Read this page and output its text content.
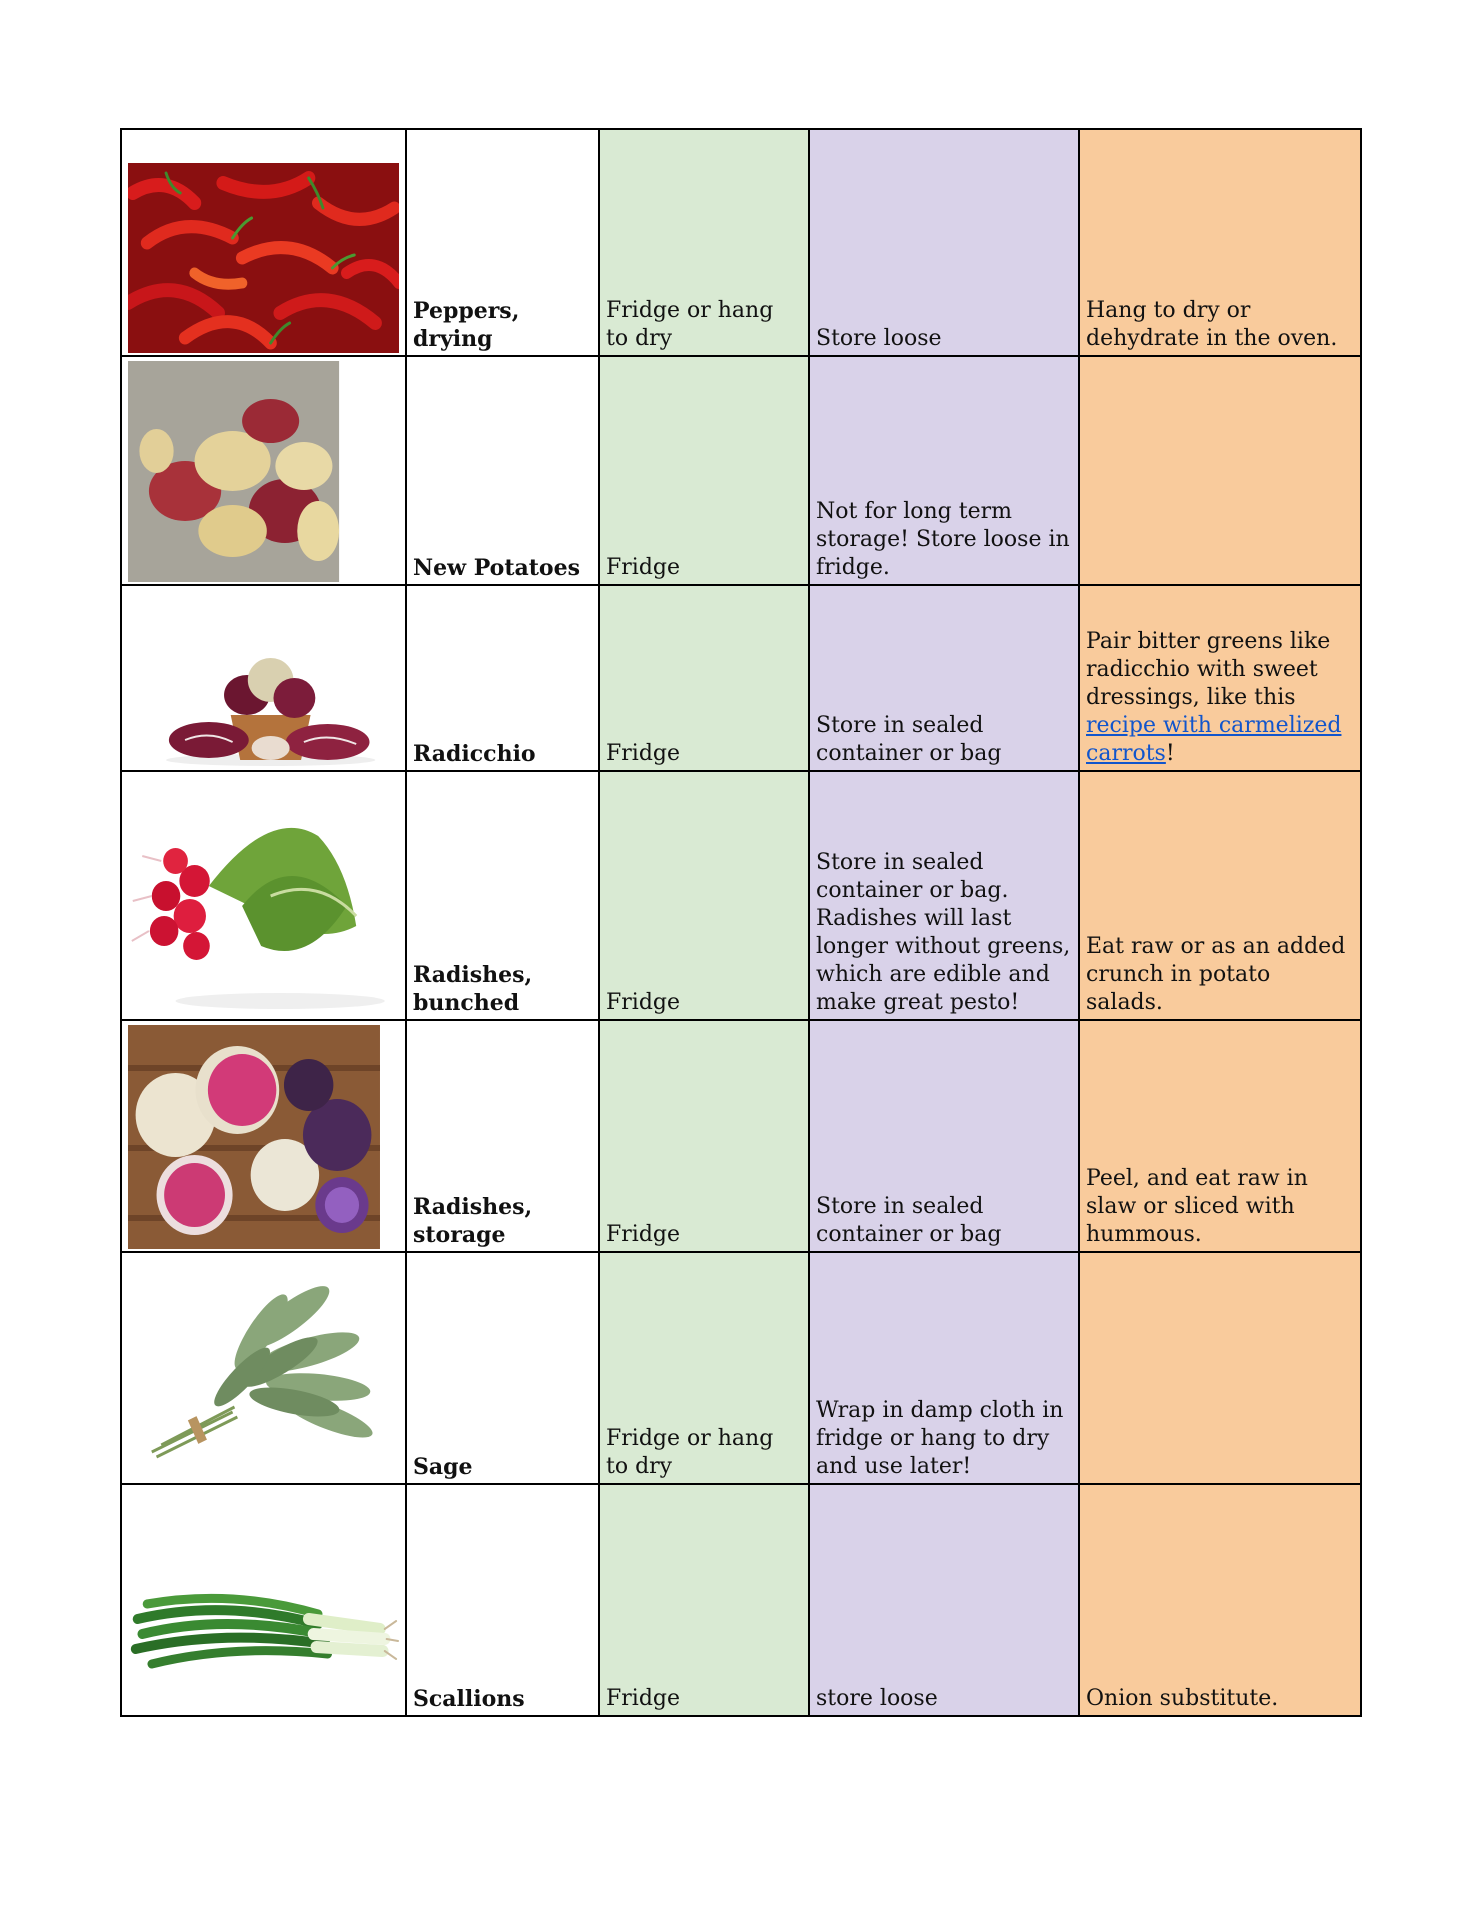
	Peppers, drying	Fridge or hang to dry	Store loose	Hang to dry or dehydrate in the oven.

	New Potatoes	Fridge	Not for long term storage! Store loose in fridge.	

	Radicchio	Fridge	Store in sealed container or bag	Pair bitter greens like radicchio with sweet dressings, like this recipe with carmelized carrots!

	Radishes, bunched	Fridge	Store in sealed container or bag. Radishes will last longer without greens, which are edible and make great pesto!	Eat raw or as an added crunch in potato salads.

	Radishes, storage	Fridge	Store in sealed container or bag	Peel, and eat raw in slaw or sliced with hummous.

	Sage	Fridge or hang to dry	Wrap in damp cloth in fridge or hang to dry and use later!	

	Scallions	Fridge	store loose	Onion substitute.
